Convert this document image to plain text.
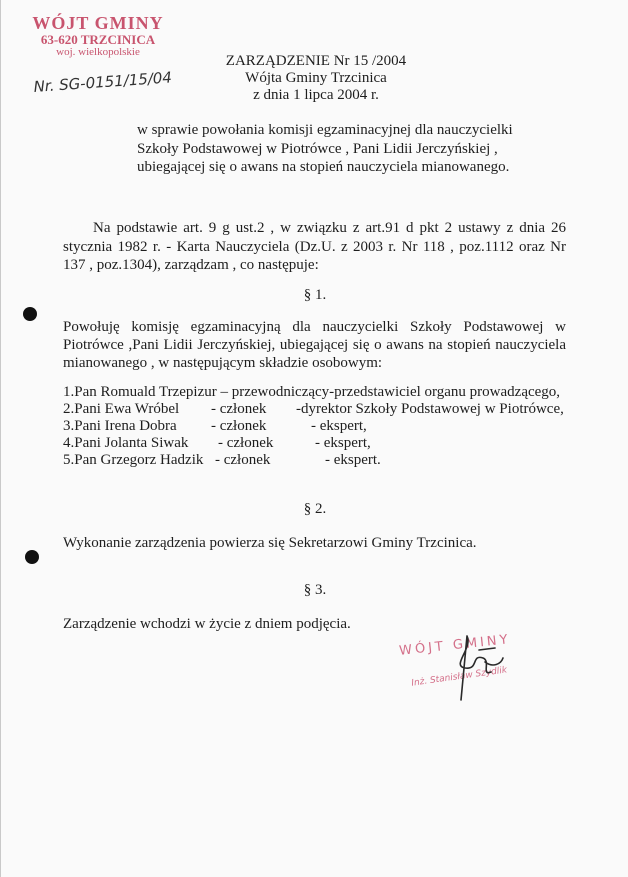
WÓJT GMINY
63-620 TRZCINICA
woj. wielkopolskie
Nr. SG-0151/15/04
ZARZĄDZENIE Nr 15 /2004
Wójta Gminy Trzcinica
z dnia 1 lipca 2004 r.
w sprawie powołania komisji egzaminacyjnej dla nauczycielki
Szkoły Podstawowej w Piotrówce , Pani Lidii Jerczyńskiej ,
ubiegającej się o awans na stopień nauczyciela mianowanego.
Na podstawie art. 9 g ust.2 , w związku z art.91 d pkt 2 ustawy z dnia 26 stycznia 1982 r. - Karta Nauczyciela (Dz.U. z 2003 r. Nr 118 , poz.1112 oraz Nr 137 , poz.1304), zarządzam , co następuje:
§ 1.
Powołuję komisję egzaminacyjną dla nauczycielki Szkoły Podstawowej w Piotrówce ,Pani Lidii Jerczyńskiej, ubiegającej się o awans na stopień nauczyciela mianowanego , w następującym składzie osobowym:
1.Pan Romuald Trzepizur – przewodniczący-przedstawiciel organu prowadzącego,
2.Pani Ewa Wróbel - członek -dyrektor Szkoły Podstawowej w Piotrówce,
3.Pani Irena Dobra - członek	- ekspert,
4.Pani Jolanta Siwak - członek	- ekspert,
5.Pan Grzegorz Hadzik - członek	- ekspert.
§ 2.
Wykonanie zarządzenia powierza się Sekretarzowi Gminy Trzcinica.
§ 3.
Zarządzenie wchodzi w życie z dniem podjęcia.
WÓJT GMINY
Inż. Stanisław Szydlik
